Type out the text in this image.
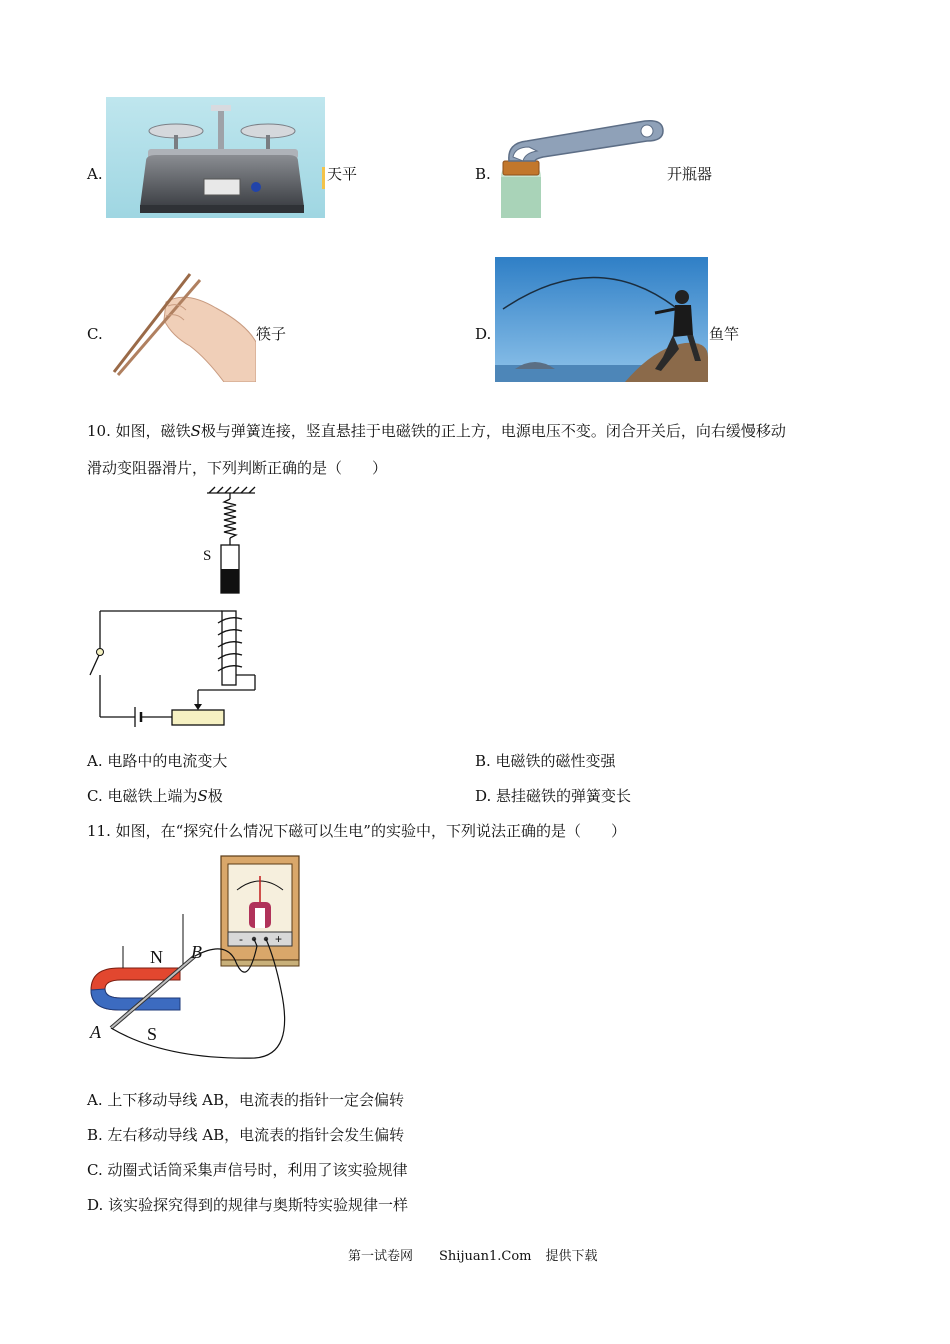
A.	天平	B.	开瓶器
C.	筷子	D.	鱼竿
10. 如图，磁铁S极与弹簧连接，竖直悬挂于电磁铁的正上方，电源电压不变。闭合开关后，向右缓慢移动
滑动变阻器滑片，下列判断正确的是（　　）
S
A. 电路中的电流变大	B. 电磁铁的磁性变强
C. 电磁铁上端为S极	D. 悬挂磁铁的弹簧变长
11. 如图，在“探究什么情况下磁可以生电”的实验中，下列说法正确的是（　　）
-	+
N
S
A
B
A. 上下移动导线 AB，电流表的指针一定会偏转
B. 左右移动导线 AB，电流表的指针会发生偏转
C. 动圈式话筒采集声信号时，利用了该实验规律
D. 该实验探究得到的规律与奥斯特实验规律一样
第一试卷网 Shijuan1.Com 提供下载
